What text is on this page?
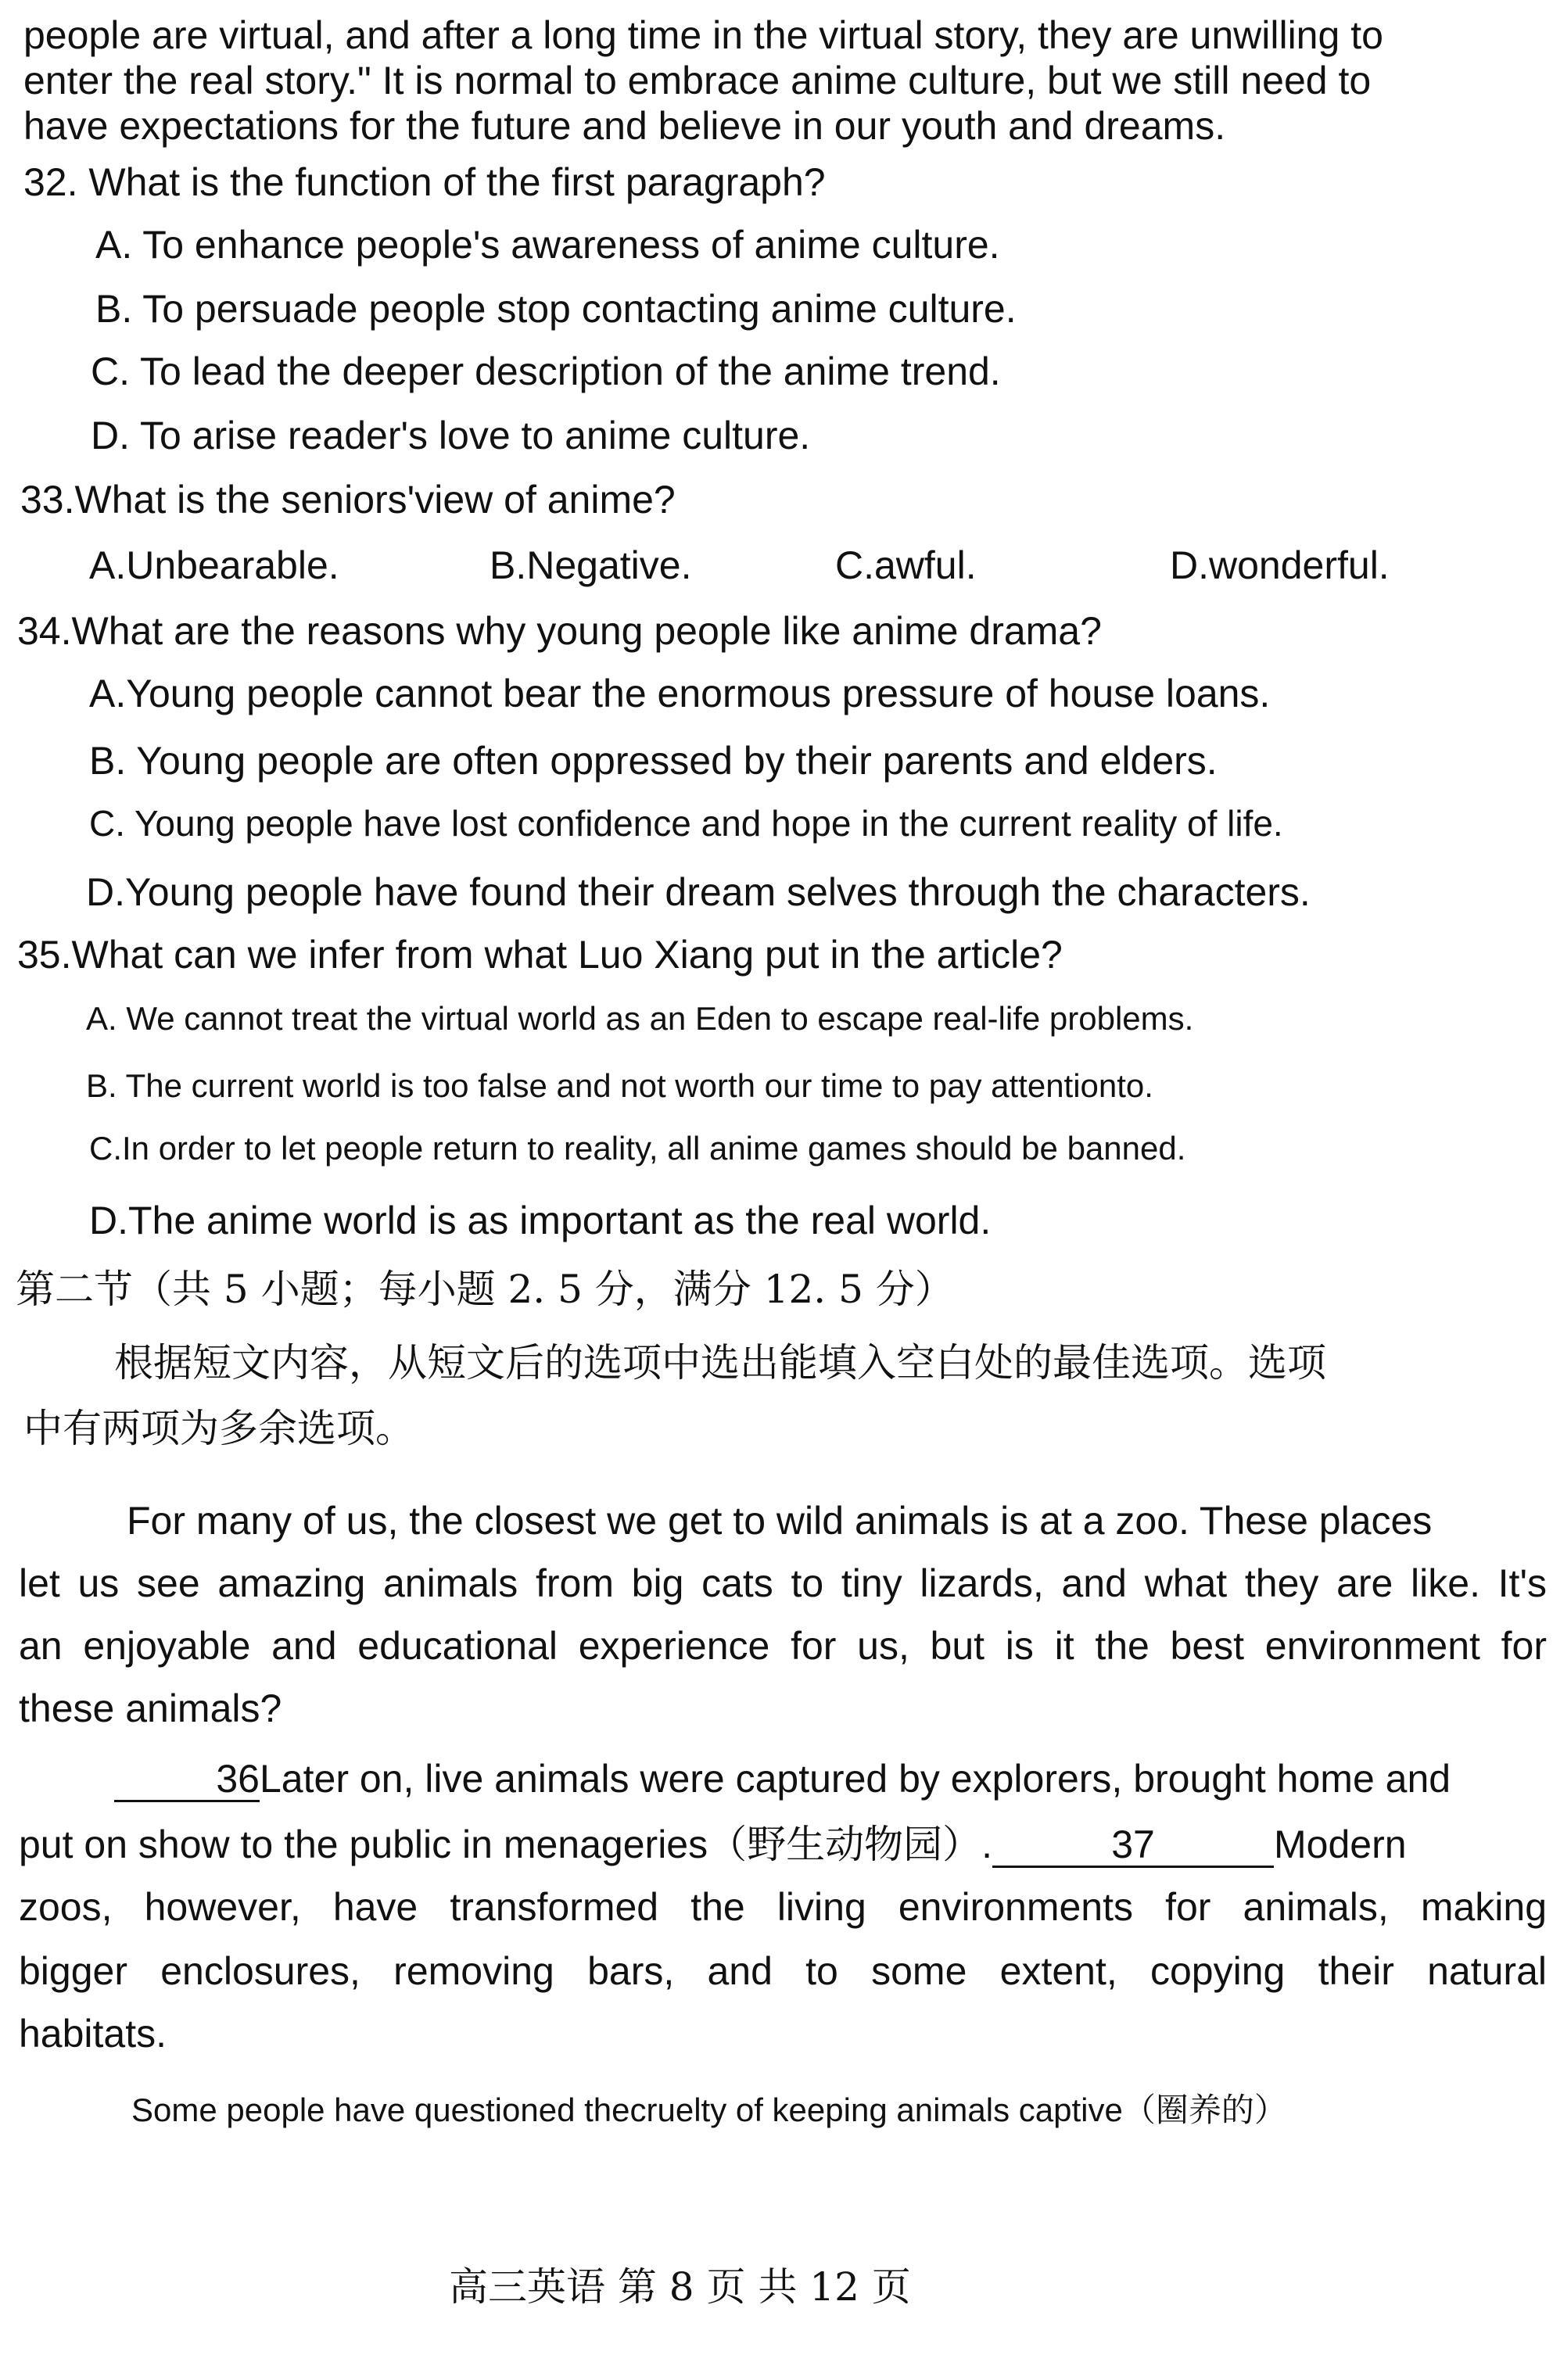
people are virtual, and after a long time in the virtual story, they are unwilling to
enter the real story." It is normal to embrace anime culture, but we still need to
have expectations for the future and believe in our youth and dreams.
32. What is the function of the first paragraph?
A. To enhance people's awareness of anime culture.
B. To persuade people stop contacting anime culture.
C. To lead the deeper description of the anime trend.
D. To arise reader's love to anime culture.
33.What is the seniors'view of anime?
A.Unbearable.	B.Negative.	C.awful.	D.wonderful.
34.What are the reasons why young people like anime drama?
A.Young people cannot bear the enormous pressure of house loans.
B. Young people are often oppressed by their parents and elders.
C. Young people have lost confidence and hope in the current reality of life.
D.Young people have found their dream selves through the characters.
35.What can we infer from what Luo Xiang put in the article?
A. We cannot treat the virtual world as an Eden to escape real-life problems.
B. The current world is too false and not worth our time to pay attentionto.
C.In order to let people return to reality, all anime games should be banned.
D.The anime world is as important as the real world.
第二节（共 5 小题；每小题 2. 5 分，满分 12. 5 分）
根据短文内容，从短文后的选项中选出能填入空白处的最佳选项。选项
中有两项为多余选项。
For many of us, the closest we get to wild animals is at a zoo. These places
let us see amazing animals from big cats to tiny lizards, and what they are like. It's
an enjoyable and educational experience for us, but is it the best environment for
these animals?
36Later on, live animals were captured by explorers, brought home and
put on show to the public in menageries（野生动物园）.	37	Modern
zoos, however, have transformed the living environments for animals, making
bigger enclosures, removing bars, and to some extent, copying their natural
habitats.
Some people have questioned thecruelty of keeping animals captive（圈养的）
高三英语 第 8 页 共 12 页
